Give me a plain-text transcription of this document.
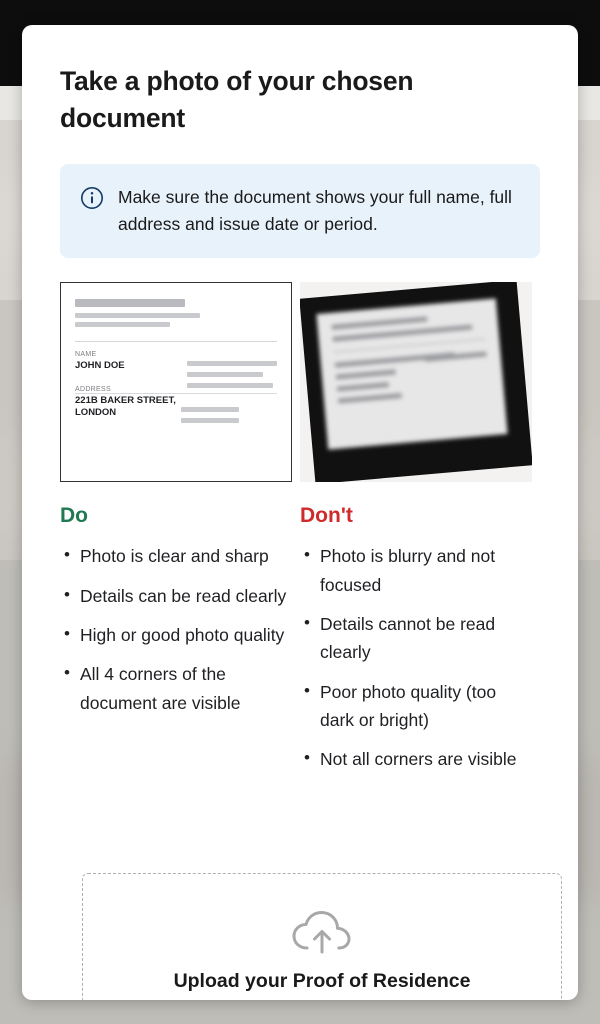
Take a photo of your chosen document
Make sure the document shows your full name, full address and issue date or period.
NAME
JOHN DOE
ADDRESS
221B BAKER STREET, LONDON
Do
• Photo is clear and sharp
• Details can be read clearly
• High or good photo quality
• All 4 corners of the document are visible
Don't
• Photo is blurry and not focused
• Details cannot be read clearly
• Poor photo quality (too dark or bright)
• Not all corners are visible
Upload your Proof of Residence
